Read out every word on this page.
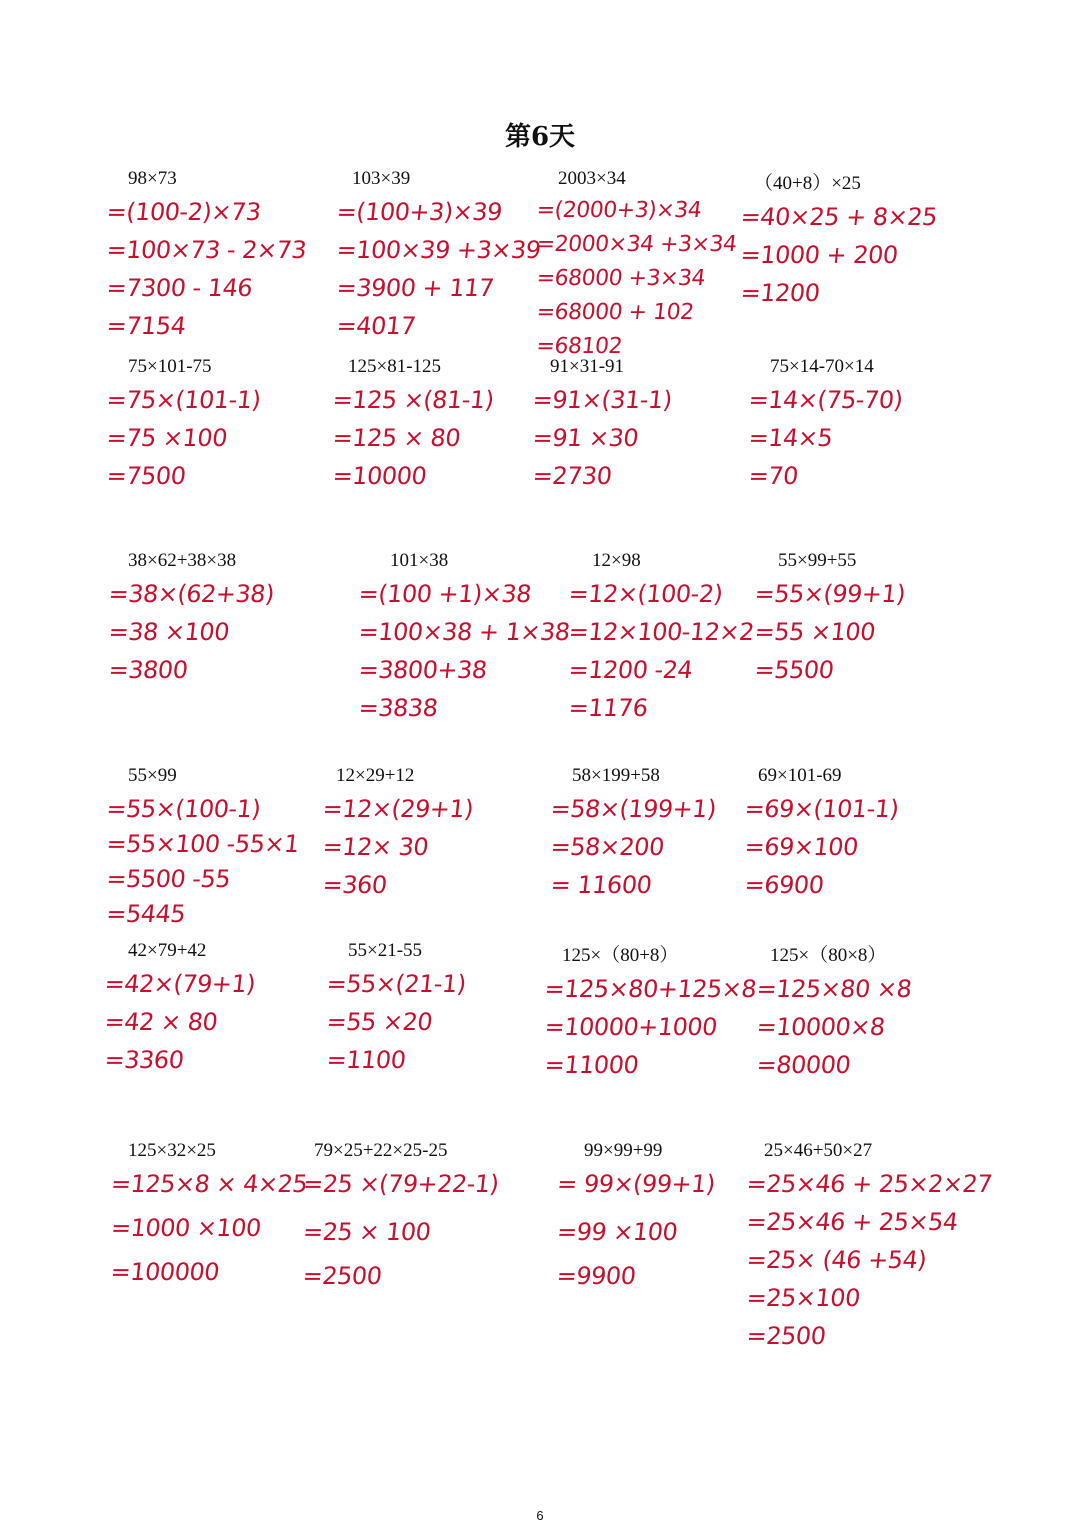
第6天
98×73
=(100-2)×73
=100×73 - 2×73
=7300 - 146
=7154
103×39
=(100+3)×39
=100×39 +3×39
=3900 + 117
=4017
2003×34
=(2000+3)×34
=2000×34 +3×34
=68000 +3×34
=68000 + 102
=68102
（40+8）×25
=40×25 + 8×25
=1000 + 200
=1200
75×101-75
=75×(101-1)
=75 ×100
=7500
125×81-125
=125 ×(81-1)
=125 × 80
=10000
91×31-91
=91×(31-1)
=91 ×30
=2730
75×14-70×14
=14×(75-70)
=14×5
=70
38×62+38×38
=38×(62+38)
=38 ×100
=3800
101×38
=(100 +1)×38
=100×38 + 1×38
=3800+38
=3838
12×98
=12×(100-2)
=12×100-12×2
=1200 -24
=1176
55×99+55
=55×(99+1)
=55 ×100
=5500
55×99
=55×(100-1)
=55×100 -55×1
=5500 -55
=5445
12×29+12
=12×(29+1)
=12× 30
=360
58×199+58
=58×(199+1)
=58×200
= 11600
69×101-69
=69×(101-1)
=69×100
=6900
42×79+42
=42×(79+1)
=42 × 80
=3360
55×21-55
=55×(21-1)
=55 ×20
=1100
125×（80+8）
=125×80+125×8
=10000+1000
=11000
125×（80×8）
=125×80 ×8
=10000×8
=80000
125×32×25
=125×8 × 4×25
=1000 ×100
=100000
79×25+22×25-25
=25 ×(79+22-1)
=25 × 100
=2500
99×99+99
= 99×(99+1)
=99 ×100
=9900
25×46+50×27
=25×46 + 25×2×27
=25×46 + 25×54
=25× (46 +54)
=25×100
=2500
6
